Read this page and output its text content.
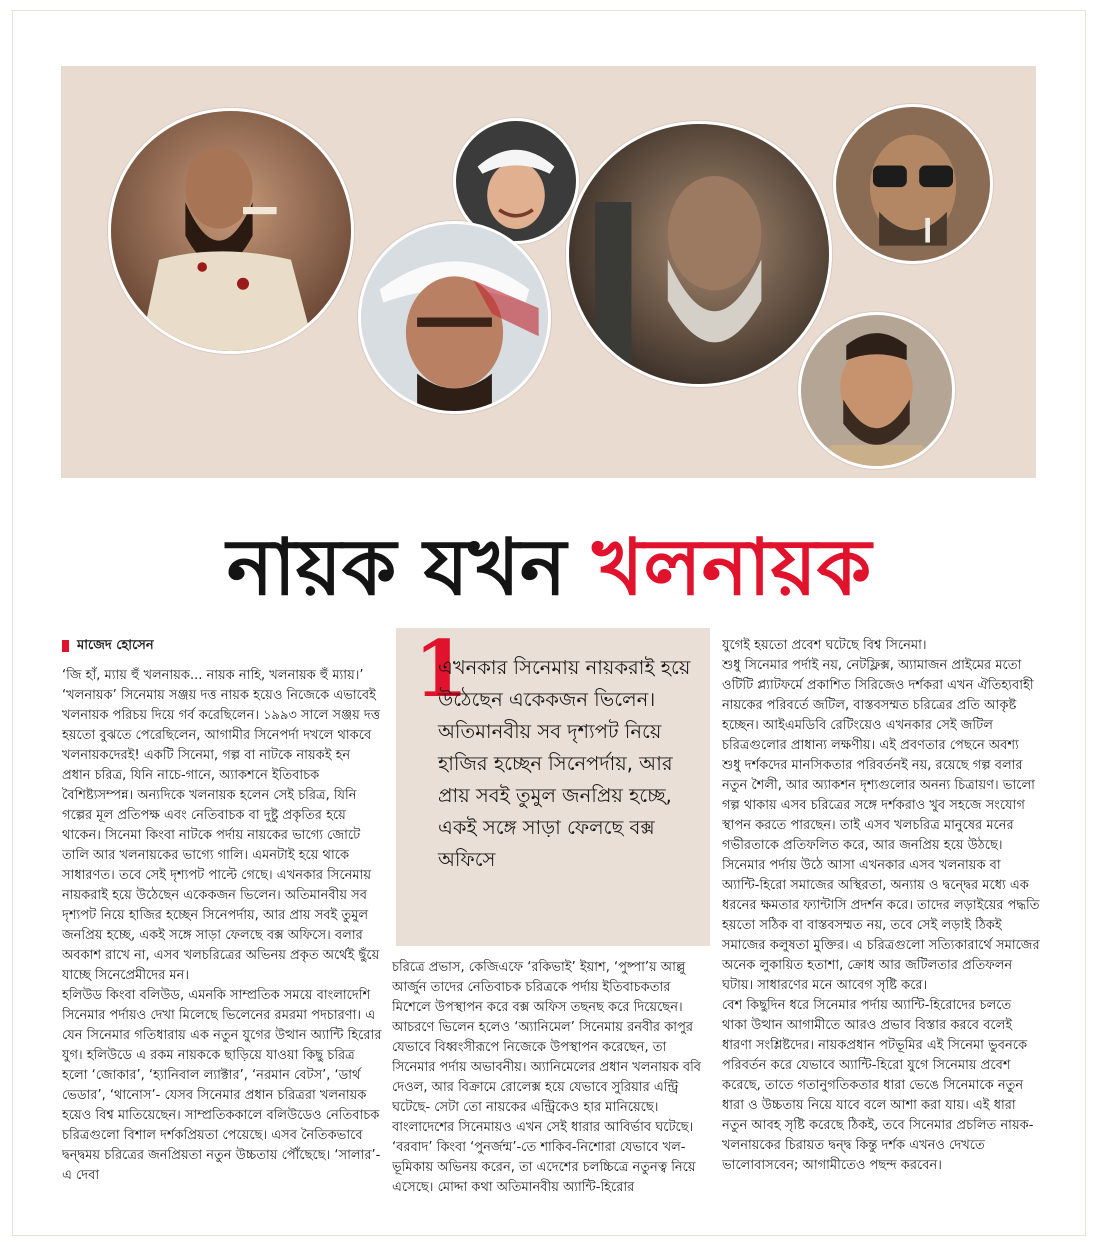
নায়ক যখন খলনায়ক
মাজেদ হোসেন

‘জি হাঁ, ম্যায় হুঁ খলনায়ক... নায়ক নাহি, খলনায়ক হুঁ ম্যায়।’ ‘খলনায়ক’ সিনেমায় সঞ্জয় দত্ত নায়ক হয়েও নিজেকে এভাবেই খলনায়ক পরিচয় দিয়ে গর্ব করেছিলেন। ১৯৯৩ সালে সঞ্জয় দত্ত হয়তো বুঝতে পেরেছিলেন, আগামীর সিনেপর্দা দখলে থাকবে খলনায়কদেরই! একটি সিনেমা, গল্প বা নাটকে নায়কই হন প্রধান চরিত্র, যিনি নাচে-গানে, অ্যাকশনে ইতিবাচক বৈশিষ্ট্যসম্পন্ন। অন্যদিকে খলনায়ক হলেন সেই চরিত্র, যিনি গল্পের মূল প্রতিপক্ষ এবং নেতিবাচক বা দুষ্টু প্রকৃতির হয়ে থাকেন। সিনেমা কিংবা নাটকে পর্দায় নায়কের ভাগ্যে জোটে তালি আর খলনায়কের ভাগ্যে গালি। এমনটাই হয়ে থাকে সাধারণত। তবে সেই দৃশ্যপট পাল্টে গেছে। এখনকার সিনেমায় নায়করাই হয়ে উঠেছেন একেকজন ভিলেন। অতিমানবীয় সব দৃশ্যপট নিয়ে হাজির হচ্ছেন সিনেপর্দায়, আর প্রায় সবই তুমুল জনপ্রিয় হচ্ছে, একই সঙ্গে সাড়া ফেলছে বক্স অফিসে। বলার অবকাশ রাখে না, এসব খলচরিত্রের অভিনয় প্রকৃত অর্থেই ছুঁয়ে যাচ্ছে সিনেপ্রেমীদের মন।

হলিউড কিংবা বলিউড, এমনকি সাম্প্রতিক সময়ে বাংলাদেশি সিনেমার পর্দায়ও দেখা মিলেছে ভিলেনের রমরমা পদচারণা। এ যেন সিনেমার গতিধারায় এক নতুন যুগের উত্থান অ্যান্টি হিরোর যুগ। হলিউডে এ রকম নায়ককে ছাড়িয়ে যাওয়া কিছু চরিত্র হলো ‘জোকার’, ‘হ্যানিবাল ল্যাক্টার’, ‘নরমান বেটস’, ‘ডার্থ ভেডার’, ‘থানোস’- যেসব সিনেমার প্রধান চরিত্ররা খলনায়ক হয়েও বিশ্ব মাতিয়েছেন। সাম্প্রতিককালে বলিউডেও নেতিবাচক চরিত্রগুলো বিশাল দর্শকপ্রিয়তা পেয়েছে। এসব নৈতিকভাবে দ্বন্দ্বময় চরিত্রের জনপ্রিয়তা নতুন উচ্চতায় পৌঁছেছে। ‘সালার’-এ দেবা

1
এখনকার সিনেমায় নায়করাই হয়ে উঠেছেন একেকজন ভিলেন। অতিমানবীয় সব দৃশ্যপট নিয়ে হাজির হচ্ছেন সিনেপর্দায়, আর প্রায় সবই তুমুল জনপ্রিয় হচ্ছে, একই সঙ্গে সাড়া ফেলছে বক্স অফিসে

চরিত্রে প্রভাস, কেজিএফে ‘রকিভাই’ ইয়াশ, ‘পুষ্পা’য় আল্লু আর্জুন তাদের নেতিবাচক চরিত্রকে পর্দায় ইতিবাচকতার মিশেলে উপস্থাপন করে বক্স অফিস তছনছ করে দিয়েছেন। আচরণে ভিলেন হলেও ‘অ্যানিমেল’ সিনেমায় রনবীর কাপুর যেভাবে বিধ্বংসীরূপে নিজেকে উপস্থাপন করেছেন, তা সিনেমার পর্দায় অভাবনীয়। অ্যানিমেলের প্রধান খলনায়ক ববি দেওল, আর বিক্রামে রোলেক্স হয়ে যেভাবে সুরিয়ার এন্ট্রি ঘটেছে- সেটা তো নায়কের এন্ট্রিকেও হার মানিয়েছে। বাংলাদেশের সিনেমায়ও এখন সেই ধারার আবির্ভাব ঘটেছে। ‘বরবাদ’ কিংবা ‘পুনর্জন্ম’-তে শাকিব-নিশোরা যেভাবে খল-ভূমিকায় অভিনয় করেন, তা এদেশের চলচ্চিত্রে নতুনত্ব নিয়ে এসেছে। মোদ্দা কথা অতিমানবীয় অ্যান্টি-হিরোর

যুগেই হয়তো প্রবেশ ঘটেছে বিশ্ব সিনেমা।

শুধু সিনেমার পর্দাই নয়, নেটফ্লিক্স, অ্যামাজন প্রাইমের মতো ওটিটি প্ল্যাটফর্মে প্রকাশিত সিরিজেও দর্শকরা এখন ঐতিহ্যবাহী নায়কের পরিবর্তে জটিল, বাস্তবসম্মত চরিত্রের প্রতি আকৃষ্ট হচ্ছেন। আইএমডিবি রেটিংয়েও এখনকার সেই জটিল চরিত্রগুলোর প্রাধান্য লক্ষণীয়। এই প্রবণতার পেছনে অবশ্য শুধু দর্শকদের মানসিকতার পরিবর্তনই নয়, রয়েছে গল্প বলার নতুন শৈলী, আর অ্যাকশন দৃশ্যগুলোর অনন্য চিত্রায়ণ। ভালো গল্প থাকায় এসব চরিত্রের সঙ্গে দর্শকরাও খুব সহজে সংযোগ স্থাপন করতে পারছেন। তাই এসব খলচরিত্র মানুষের মনের গভীরতাকে প্রতিফলিত করে, আর জনপ্রিয় হয়ে উঠছে।

সিনেমার পর্দায় উঠে আসা এখনকার এসব খলনায়ক বা অ্যান্টি-হিরো সমাজের অস্থিরতা, অন্যায় ও দ্বন্দ্বের মধ্যে এক ধরনের ক্ষমতার ফ্যান্টাসি প্রদর্শন করে। তাদের লড়াইয়ের পদ্ধতি হয়তো সঠিক বা বাস্তবসম্মত নয়, তবে সেই লড়াই ঠিকই সমাজের কলুষতা মুক্তির। এ চরিত্রগুলো সত্যিকারার্থে সমাজের অনেক লুকায়িত হতাশা, ক্রোধ আর জটিলতার প্রতিফলন ঘটায়। সাধারণের মনে আবেগ সৃষ্টি করে।

বেশ কিছুদিন ধরে সিনেমার পর্দায় অ্যান্টি-হিরোদের চলতে থাকা উত্থান আগামীতে আরও প্রভাব বিস্তার করবে বলেই ধারণা সংশ্লিষ্টদের। নায়কপ্রধান পটভূমির এই সিনেমা ভুবনকে পরিবর্তন করে যেভাবে অ্যান্টি-হিরো যুগে সিনেমায় প্রবেশ করেছে, তাতে গতানুগতিকতার ধারা ভেঙে সিনেমাকে নতুন ধারা ও উচ্চতায় নিয়ে যাবে বলে আশা করা যায়। এই ধারা নতুন আবহ সৃষ্টি করেছে ঠিকই, তবে সিনেমার প্রচলিত নায়ক-খলনায়কের চিরায়ত দ্বন্দ্ব কিন্তু দর্শক এখনও দেখতে ভালোবাসবেন; আগামীতেও পছন্দ করবেন।
